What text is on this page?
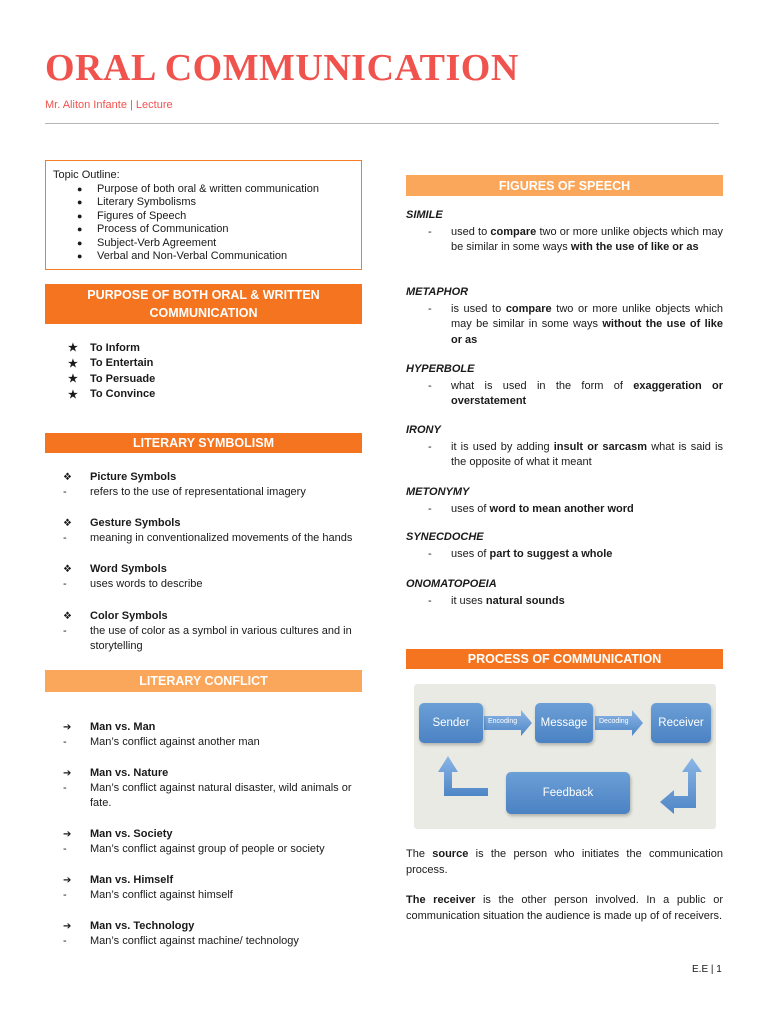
ORAL COMMUNICATION
Mr. Aliton Infante | Lecture
Topic Outline:
● Purpose of both oral & written communication
● Literary Symbolisms
● Figures of Speech
● Process of Communication
● Subject-Verb Agreement
● Verbal and Non-Verbal Communication
PURPOSE OF BOTH ORAL & WRITTEN COMMUNICATION
★	To Inform
★	To Entertain
★	To Persuade
★	To Convince
LITERARY SYMBOLISM
❖	Picture Symbols
-	refers to the use of representational imagery
❖	Gesture Symbols
-	meaning in conventionalized movements of the hands
❖	Word Symbols
-	uses words to describe
❖	Color Symbols
-	the use of color as a symbol in various cultures and in storytelling
LITERARY CONFLICT
➔	Man vs. Man
-	Man’s conflict against another man
➔	Man vs. Nature
-	Man’s conflict against natural disaster, wild animals or fate.
➔	Man vs. Society
-	Man’s conflict against group of people or society
➔	Man vs. Himself
-	Man’s conflict against himself
➔	Man vs. Technology
-	Man’s conflict against machine/ technology
FIGURES OF SPEECH
SIMILE
-	used to compare two or more unlike objects which may be similar in some ways with the use of like or as
METAPHOR
-	is used to compare two or more unlike objects which may be similar in some ways without the use of like or as
HYPERBOLE
-	what is used in the form of exaggeration or overstatement
IRONY
-	it is used by adding insult or sarcasm what is said is the opposite of what it meant
METONYMY
-	uses of word to mean another word
SYNECDOCHE
-	uses of part to suggest a whole
ONOMATOPOEIA
-	it uses natural sounds
PROCESS OF COMMUNICATION
Sender	Message	Receiver
Feedback
Encoding	Decoding
The source is the person who initiates the communication process.
The receiver is the other person involved. In a public or communication situation the audience is made up of of receivers.
E.E | 1
